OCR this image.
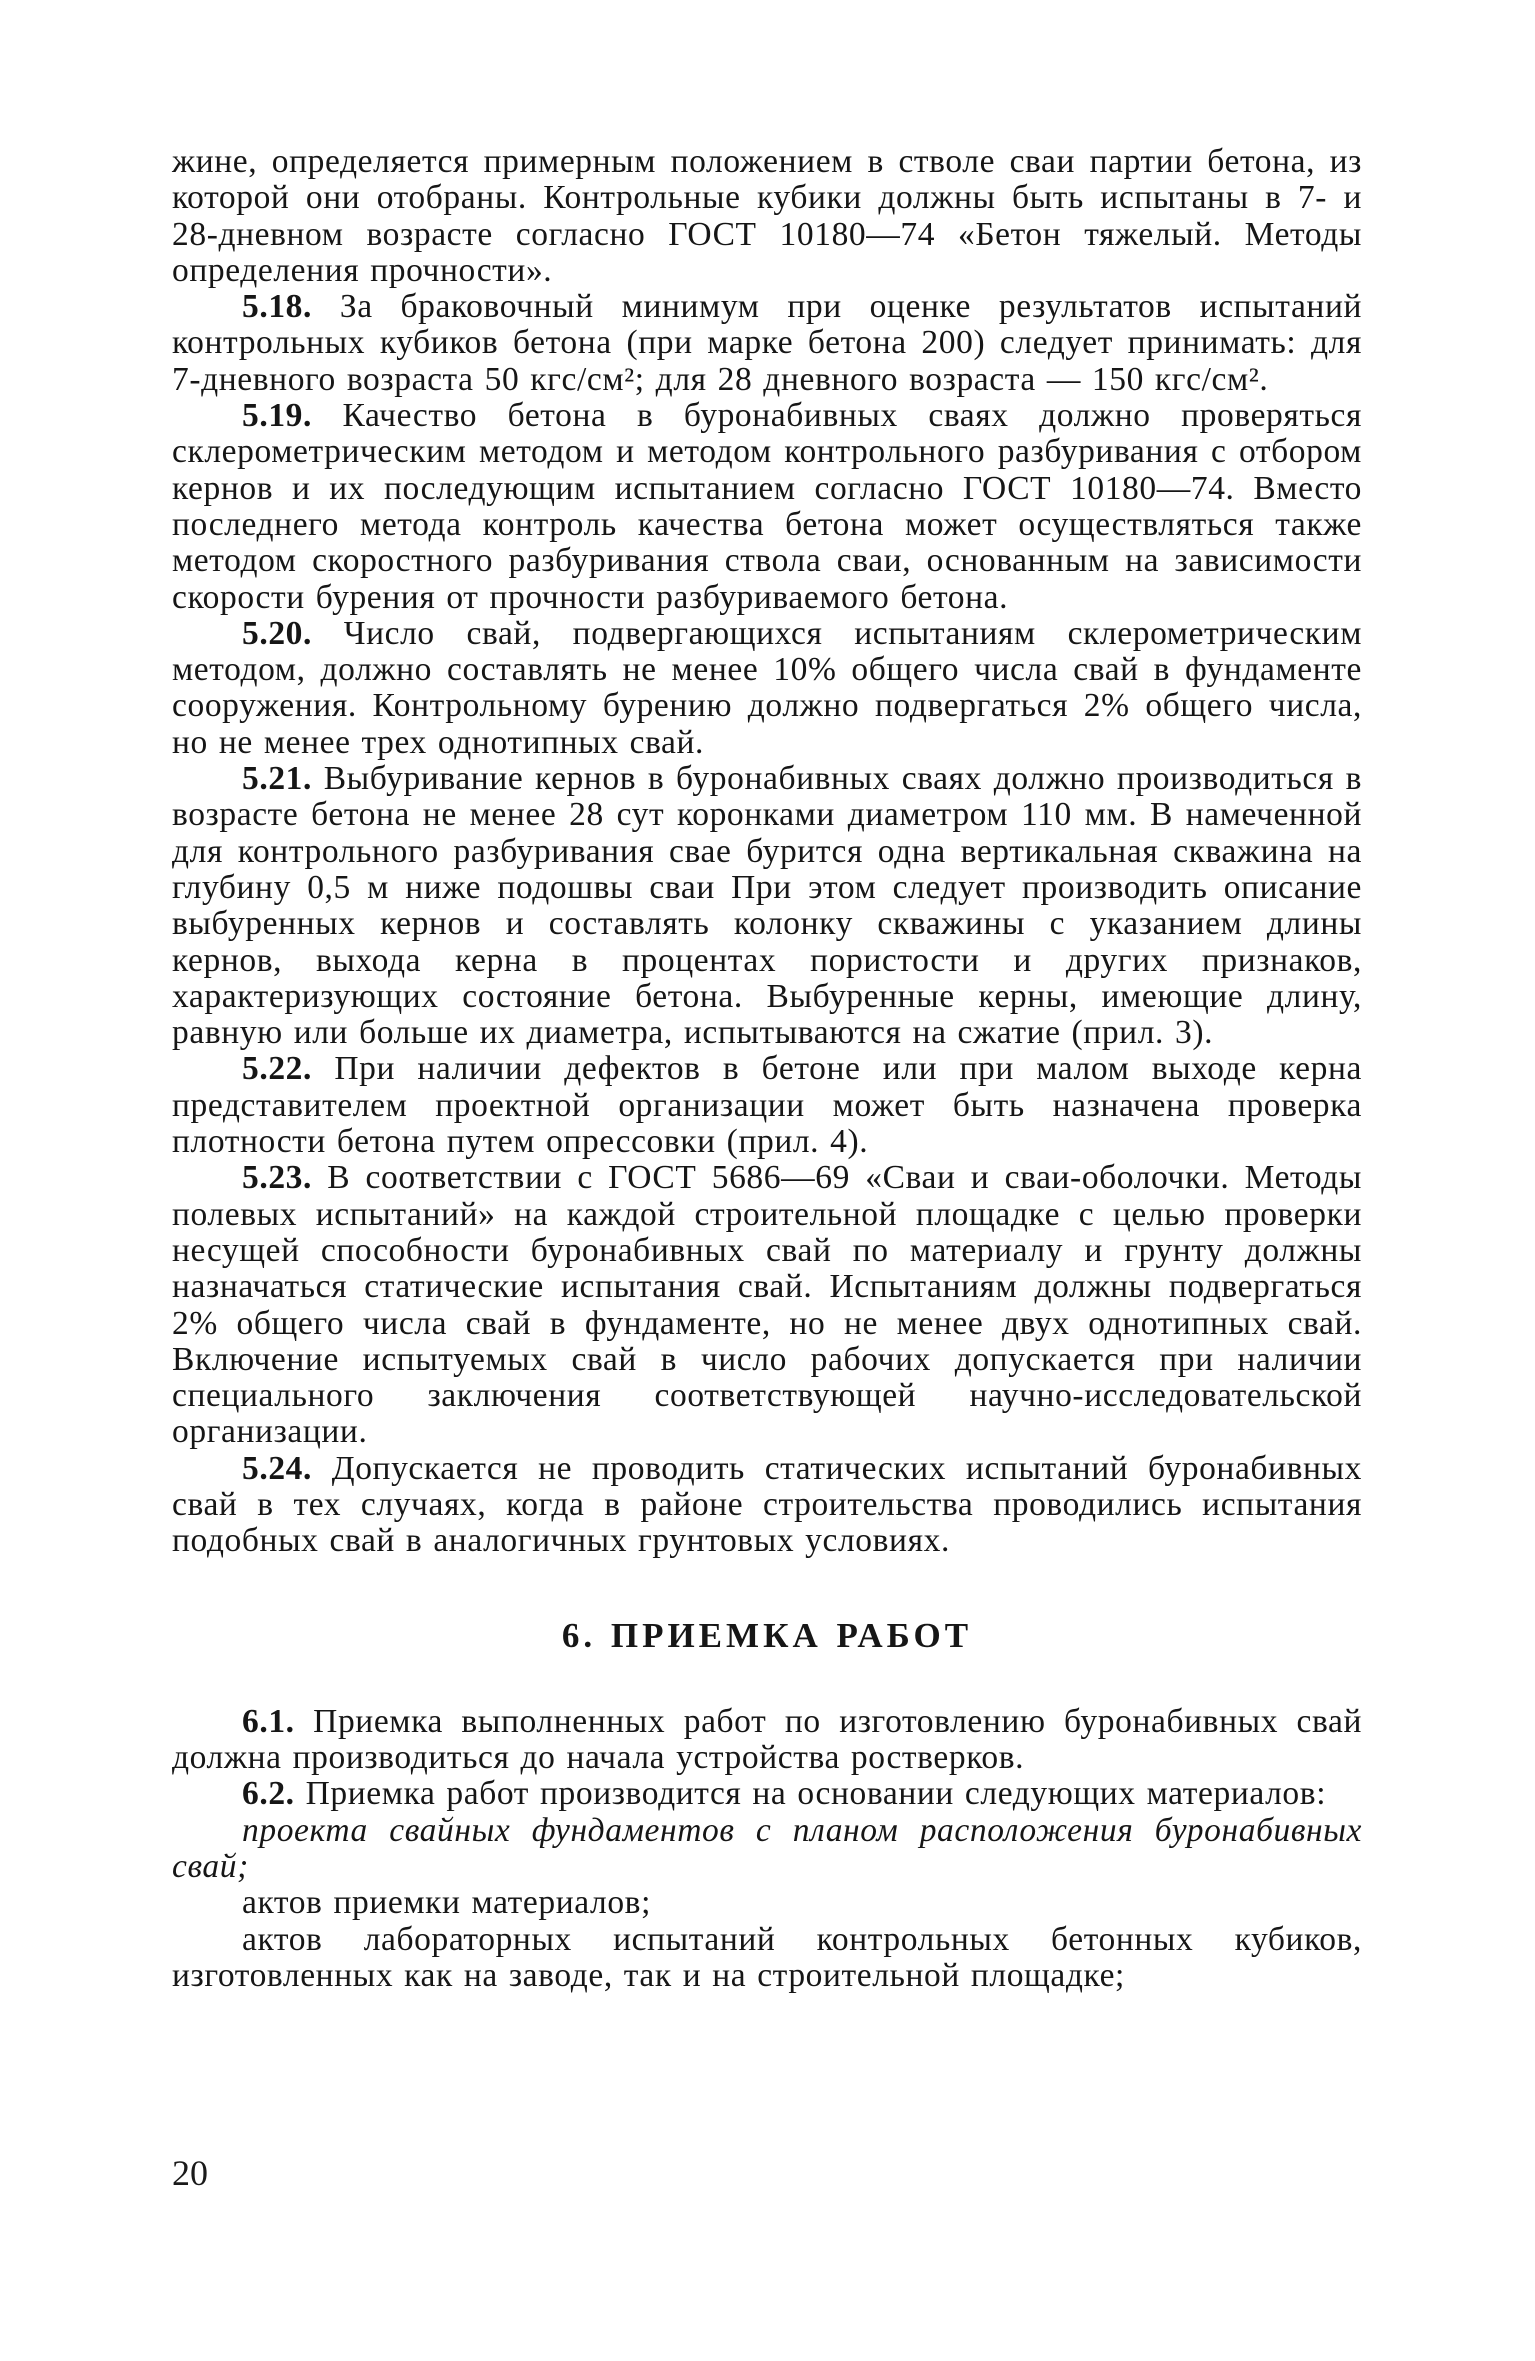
жине, определяется примерным положением в стволе сваи партии бетона, из которой они отобраны. Контрольные кубики должны быть испытаны в 7- и 28-дневном возрасте согласно ГОСТ 10180—74 «Бетон тяжелый. Методы определения прочности».

5.18. За браковочный минимум при оценке результатов испытаний контрольных кубиков бетона (при марке бетона 200) следует принимать: для 7-дневного возраста 50 кгс/см²; для 28 дневного возраста — 150 кгс/см².

5.19. Качество бетона в буронабивных сваях должно проверяться склерометрическим методом и методом контрольного разбуривания с отбором кернов и их последующим испытанием согласно ГОСТ 10180—74. Вместо последнего метода контроль качества бетона может осуществляться также методом скоростного разбуривания ствола сваи, основанным на зависимости скорости бурения от прочности разбуриваемого бетона.

5.20. Число свай, подвергающихся испытаниям склерометрическим методом, должно составлять не менее 10% общего числа свай в фундаменте сооружения. Контрольному бурению должно подвергаться 2% общего числа, но не менее трех однотипных свай.

5.21. Выбуривание кернов в буронабивных сваях должно производиться в возрасте бетона не менее 28 сут коронками диаметром 110 мм. В намеченной для контрольного разбуривания свае бурится одна вертикальная скважина на глубину 0,5 м ниже подошвы сваи При этом следует производить описание выбуренных кернов и составлять колонку скважины с указанием длины кернов, выхода керна в процентах пористости и других признаков, характеризующих состояние бетона. Выбуренные керны, имеющие длину, равную или больше их диаметра, испытываются на сжатие (прил. 3).

5.22. При наличии дефектов в бетоне или при малом выходе керна представителем проектной организации может быть назначена проверка плотности бетона путем опрессовки (прил. 4).

5.23. В соответствии с ГОСТ 5686—69 «Сваи и сваи-оболочки. Методы полевых испытаний» на каждой строительной площадке с целью проверки несущей способности буронабивных свай по материалу и грунту должны назначаться статические испытания свай. Испытаниям должны подвергаться 2% общего числа свай в фундаменте, но не менее двух однотипных свай. Включение испытуемых свай в число рабочих допускается при наличии специального заключения соответствующей научно-исследовательской организации.

5.24. Допускается не проводить статических испытаний буронабивных свай в тех случаях, когда в районе строительства проводились испытания подобных свай в аналогичных грунтовых условиях.

6. ПРИЕМКА РАБОТ

6.1. Приемка выполненных работ по изготовлению буронабивных свай должна производиться до начала устройства ростверков.

6.2. Приемка работ производится на основании следующих материалов:

проекта свайных фундаментов с планом расположения буронабивных свай;

актов приемки материалов;

актов лабораторных испытаний контрольных бетонных кубиков, изготовленных как на заводе, так и на строительной площадке;

20
